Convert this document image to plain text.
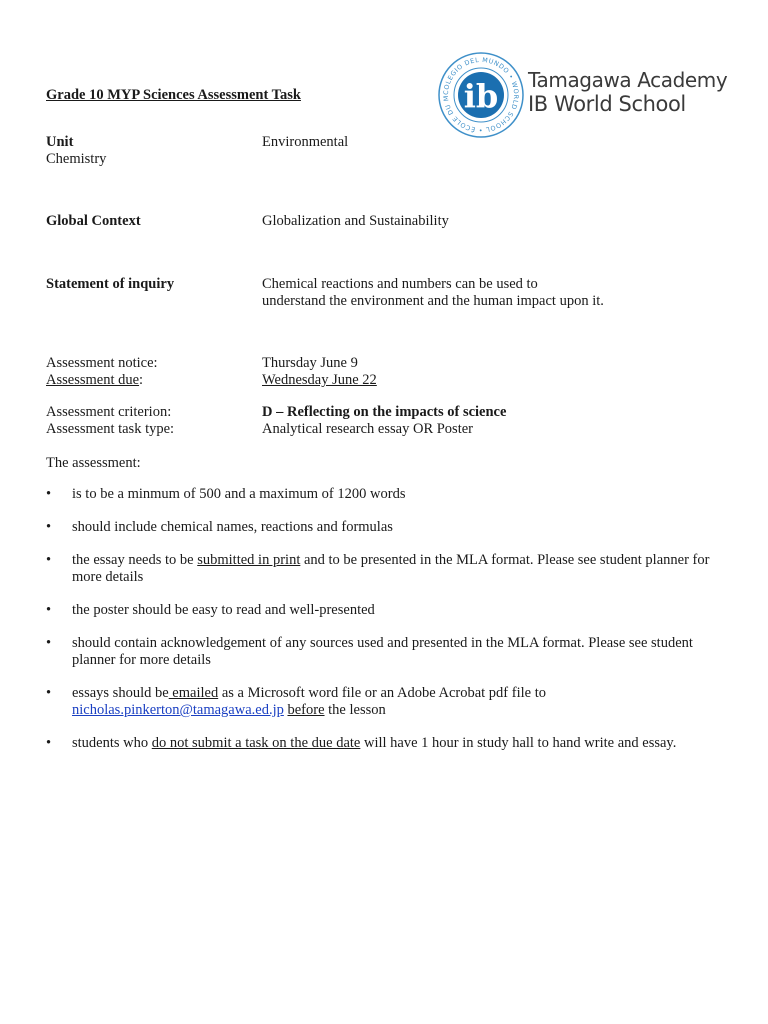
COLEGIO DEL MUNDO • WORLD SCHOOL • ÉCOLE DU M ib Tamagawa Academy
IB World School
Grade 10 MYP Sciences Assessment Task
Unit	Environmental
Chemistry
Global Context	Globalization and Sustainability
Statement of inquiry	Chemical reactions and numbers can be used to
understand the environment and the human impact upon it.
Assessment notice:	Thursday June 9
Assessment due:	Wednesday June 22
Assessment criterion:	D – Reflecting on the impacts of science
Assessment task type:	Analytical research essay OR Poster
The assessment:
• is to be a minmum of 500 and a maximum of 1200 words
• should include chemical names, reactions and formulas
• the essay needs to be submitted in print and to be presented in the MLA format. Please see student planner for more details
• the poster should be easy to read and well-presented
• should contain acknowledgement of any sources used and presented in the MLA format. Please see student planner for more details
• essays should be emailed as a Microsoft word file or an Adobe Acrobat pdf file to
nicholas.pinkerton@tamagawa.ed.jp before the lesson
• students who do not submit a task on the due date will have 1 hour in study hall to hand write and essay.
